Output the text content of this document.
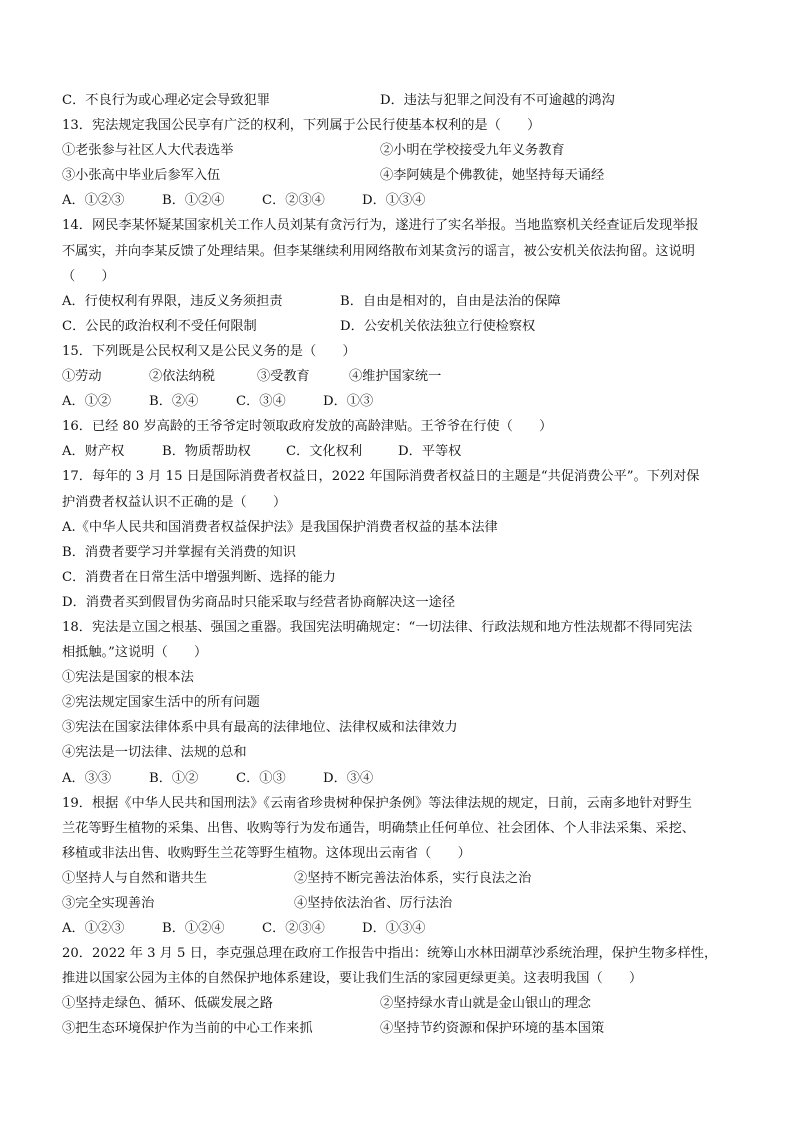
C．不良行为或心理必定会导致犯罪	D．违法与犯罪之间没有不可逾越的鸿沟
13．宪法规定我国公民享有广泛的权利，下列属于公民行使基本权利的是（　　）
①老张参与社区人大代表选举	②小明在学校接受九年义务教育
③小张高中毕业后参军入伍	④李阿姨是个佛教徒，她坚持每天诵经
A．①②③	B．①②④	C．②③④	D．①③④
14．网民李某怀疑某国家机关工作人员刘某有贪污行为，遂进行了实名举报。当地监察机关经查证后发现举报
不属实，并向李某反馈了处理结果。但李某继续利用网络散布刘某贪污的谣言，被公安机关依法拘留。这说明
（　　）
A．行使权利有界限，违反义务须担责	B．自由是相对的，自由是法治的保障
C．公民的政治权利不受任何限制	D．公安机关依法独立行使检察权
15．下列既是公民权利又是公民义务的是（　　）
①劳动	②依法纳税	③受教育	④维护国家统一
A．①②	B．②④	C．③④	D．①③
16．已经 80 岁高龄的王爷爷定时领取政府发放的高龄津贴。王爷爷在行使（　　）
A．财产权	B．物质帮助权	C．文化权利	D．平等权
17．每年的 3 月 15 日是国际消费者权益日，2022 年国际消费者权益日的主题是“共促消费公平”。下列对保
护消费者权益认识不正确的是（　　）
A.《中华人民共和国消费者权益保护法》是我国保护消费者权益的基本法律
B．消费者要学习并掌握有关消费的知识
C．消费者在日常生活中增强判断、选择的能力
D．消费者买到假冒伪劣商品时只能采取与经营者协商解决这一途径
18．宪法是立国之根基、强国之重器。我国宪法明确规定：“一切法律、行政法规和地方性法规都不得同宪法
相抵触。”这说明（　　）
①宪法是国家的根本法
②宪法规定国家生活中的所有问题
③宪法在国家法律体系中具有最高的法律地位、法律权威和法律效力
④宪法是一切法律、法规的总和
A．③③	B．①②	C．①③	D．③④
19．根据《中华人民共和国刑法》《云南省珍贵树种保护条例》等法律法规的规定，日前，云南多地针对野生
兰花等野生植物的采集、出售、收购等行为发布通告，明确禁止任何单位、社会团体、个人非法采集、采挖、
移植或非法出售、收购野生兰花等野生植物。这体现出云南省（　　）
①坚持人与自然和谐共生	②坚持不断完善法治体系，实行良法之治
③完全实现善治	④坚持依法治省、厉行法治
A．①②③	B．①②④	C．②③④	D．①③④
20．2022 年 3 月 5 日，李克强总理在政府工作报告中指出：统筹山水林田湖草沙系统治理，保护生物多样性，
推进以国家公园为主体的自然保护地体系建设，要让我们生活的家园更绿更美。这表明我国（　　）
①坚持走绿色、循环、低碳发展之路	②坚持绿水青山就是金山银山的理念
③把生态环境保护作为当前的中心工作来抓	④坚持节约资源和保护环境的基本国策
